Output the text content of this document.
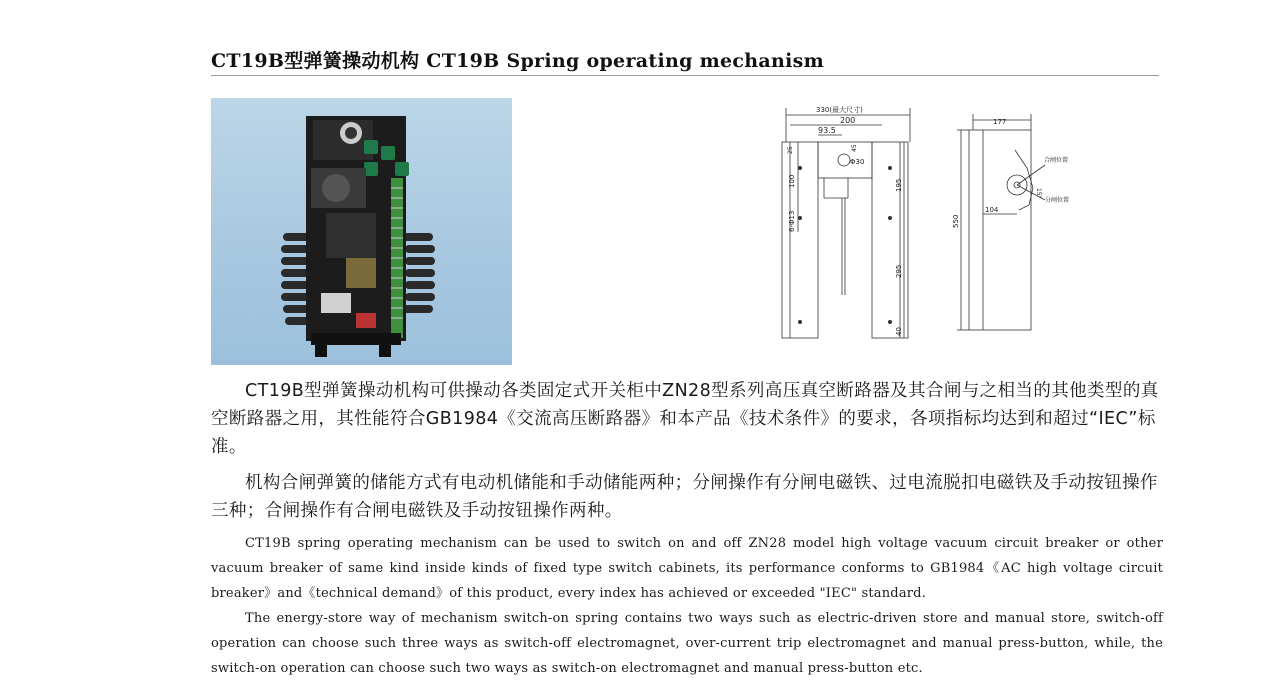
CT19B型弹簧操动机构 CT19B Spring operating mechanism
330(最大尺寸)
200
93.5
25	45
Φ30
100
6-Φ13
195
295
40
177
550
104
15°
合闸位置
分闸位置

CT19B型弹簧操动机构可供操动各类固定式开关柜中ZN28型系列高压真空断路器及其合闸与之相当的其他类型的真空断路器之用，其性能符合GB1984《交流高压断路器》和本产品《技术条件》的要求，各项指标均达到和超过“IEC”标准。

机构合闸弹簧的储能方式有电动机储能和手动储能两种；分闸操作有分闸电磁铁、过电流脱扣电磁铁及手动按钮操作三种；合闸操作有合闸电磁铁及手动按钮操作两种。

CT19B spring operating mechanism can be used to switch on and off ZN28 model high voltage vacuum circuit breaker or other vacuum breaker of same kind inside kinds of fixed type switch cabinets, its performance conforms to GB1984《AC high voltage circuit breaker》and《technical demand》of this product, every index has achieved or exceeded "IEC" standard.

The energy-store way of mechanism switch-on spring contains two ways such as electric-driven store and manual store, switch-off operation can choose such three ways as switch-off electromagnet, over-current trip electromagnet and manual press-button, while, the switch-on operation can choose such two ways as switch-on electromagnet and manual press-button etc.
